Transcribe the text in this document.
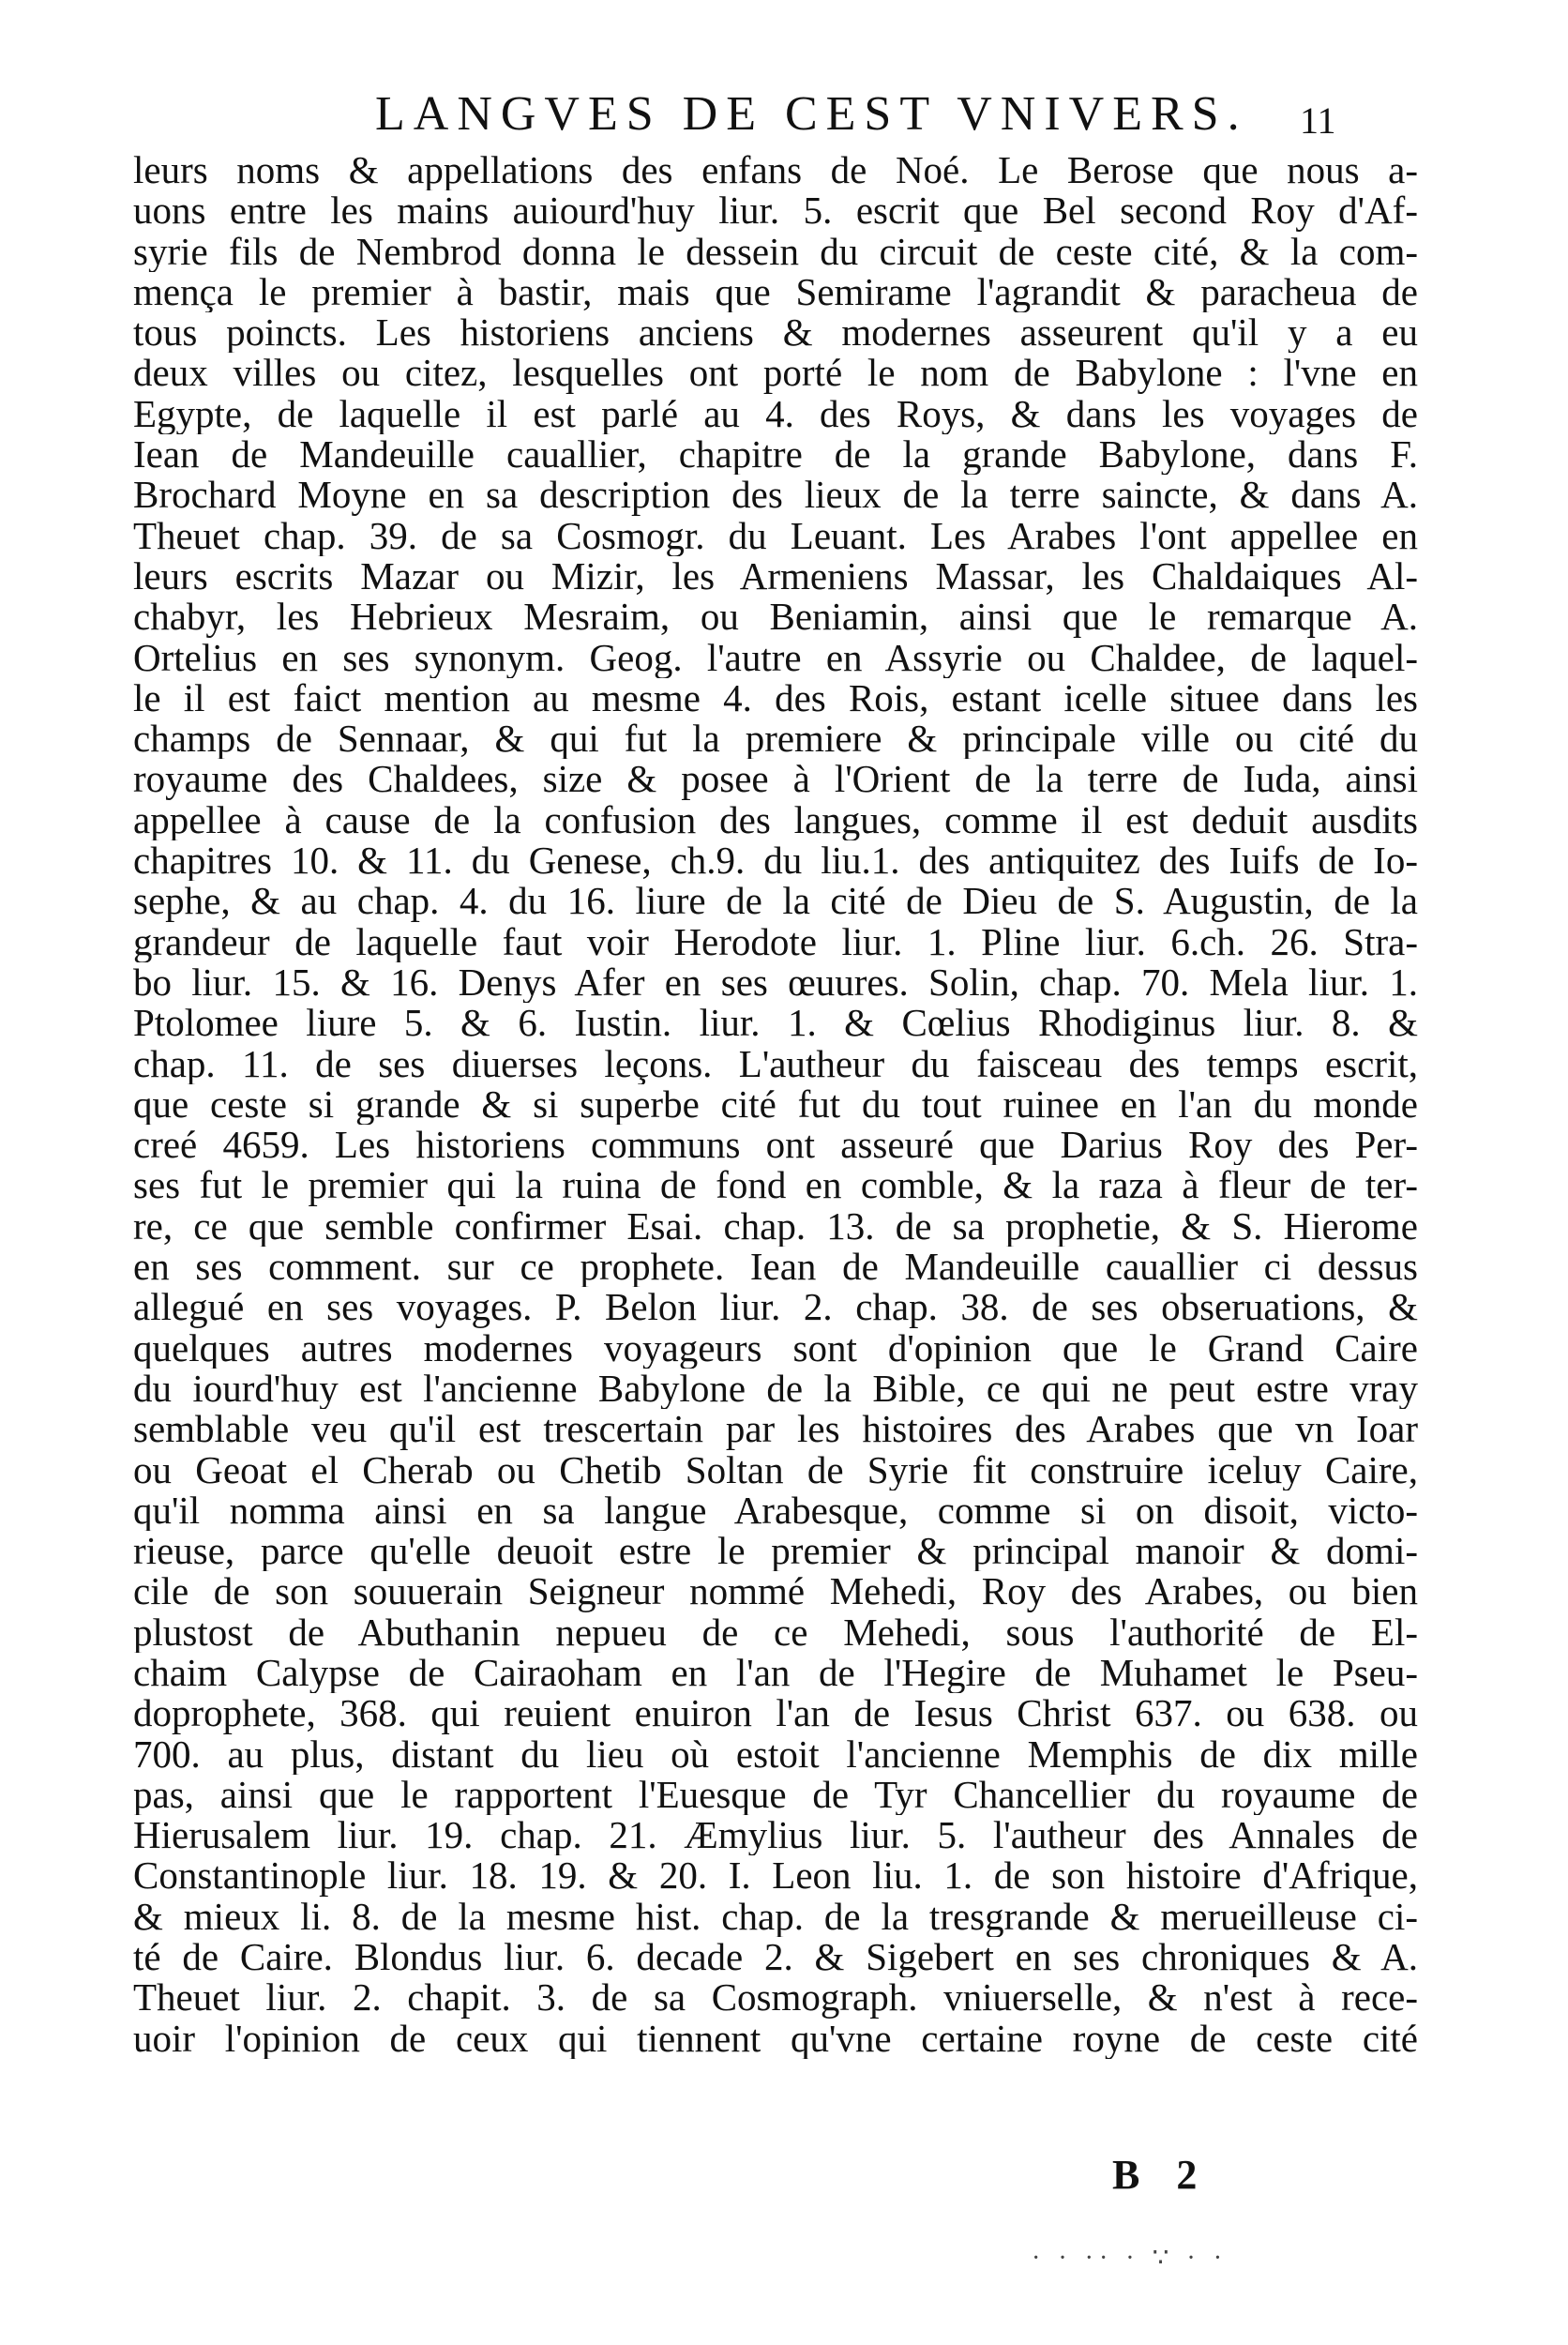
LANGVES DE CEST VNIVERS. 11
leurs noms & appellations des enfans de Noé. Le Berose que nous a-
uons entre les mains auiourd'huy liur. 5. escrit que Bel second Roy d'Af-
syrie fils de Nembrod donna le dessein du circuit de ceste cité, & la com-
mença le premier à bastir, mais que Semirame l'agrandit & paracheua de
tous poincts. Les historiens anciens & modernes asseurent qu'il y a eu
deux villes ou citez, lesquelles ont porté le nom de Babylone : l'vne en
Egypte, de laquelle il est parlé au 4. des Roys, & dans les voyages de
Iean de Mandeuille cauallier, chapitre de la grande Babylone, dans F.
Brochard Moyne en sa description des lieux de la terre saincte, & dans A.
Theuet chap. 39. de sa Cosmogr. du Leuant. Les Arabes l'ont appellee en
leurs escrits Mazar ou Mizir, les Armeniens Massar, les Chaldaiques Al-
chabyr, les Hebrieux Mesraim, ou Beniamin, ainsi que le remarque A.
Ortelius en ses synonym. Geog. l'autre en Assyrie ou Chaldee, de laquel-
le il est faict mention au mesme 4. des Rois, estant icelle situee dans les
champs de Sennaar, & qui fut la premiere & principale ville ou cité du
royaume des Chaldees, size & posee à l'Orient de la terre de Iuda, ainsi
appellee à cause de la confusion des langues, comme il est deduit ausdits
chapitres 10. & 11. du Genese, ch.9. du liu.1. des antiquitez des Iuifs de Io-
sephe, & au chap. 4. du 16. liure de la cité de Dieu de S. Augustin, de la
grandeur de laquelle faut voir Herodote liur. 1. Pline liur. 6.ch. 26. Stra-
bo liur. 15. & 16. Denys Afer en ses œuures. Solin, chap. 70. Mela liur. 1.
Ptolomee liure 5. & 6. Iustin. liur. 1. & Cœlius Rhodiginus liur. 8. &
chap. 11. de ses diuerses leçons. L'autheur du faisceau des temps escrit,
que ceste si grande & si superbe cité fut du tout ruinee en l'an du monde
creé 4659. Les historiens communs ont asseuré que Darius Roy des Per-
ses fut le premier qui la ruina de fond en comble, & la raza à fleur de ter-
re, ce que semble confirmer Esai. chap. 13. de sa prophetie, & S. Hierome
en ses comment. sur ce prophete. Iean de Mandeuille cauallier ci dessus
allegué en ses voyages. P. Belon liur. 2. chap. 38. de ses obseruations, &
quelques autres modernes voyageurs sont d'opinion que le Grand Caire
du iourd'huy est l'ancienne Babylone de la Bible, ce qui ne peut estre vray
semblable veu qu'il est trescertain par les histoires des Arabes que vn Ioar
ou Geoat el Cherab ou Chetib Soltan de Syrie fit construire iceluy Caire,
qu'il nomma ainsi en sa langue Arabesque, comme si on disoit, victo-
rieuse, parce qu'elle deuoit estre le premier & principal manoir & domi-
cile de son souuerain Seigneur nommé Mehedi, Roy des Arabes, ou bien
plustost de Abuthanin nepueu de ce Mehedi, sous l'authorité de El-
chaim Calypse de Cairaoham en l'an de l'Hegire de Muhamet le Pseu-
doprophete, 368. qui reuient enuiron l'an de Iesus Christ 637. ou 638. ou
700. au plus, distant du lieu où estoit l'ancienne Memphis de dix mille
pas, ainsi que le rapportent l'Euesque de Tyr Chancellier du royaume de
Hierusalem liur. 19. chap. 21. Æmylius liur. 5. l'autheur des Annales de
Constantinople liur. 18. 19. & 20. I. Leon liu. 1. de son histoire d'Afrique,
& mieux li. 8. de la mesme hist. chap. de la tresgrande & merueilleuse ci-
té de Caire. Blondus liur. 6. decade 2. & Sigebert en ses chroniques & A.
Theuet liur. 2. chapit. 3. de sa Cosmograph. vniuerselle, & n'est à rece-
uoir l'opinion de ceux qui tiennent qu'vne certaine royne de ceste cité
B 2
· · ·· · ∵ · ·
